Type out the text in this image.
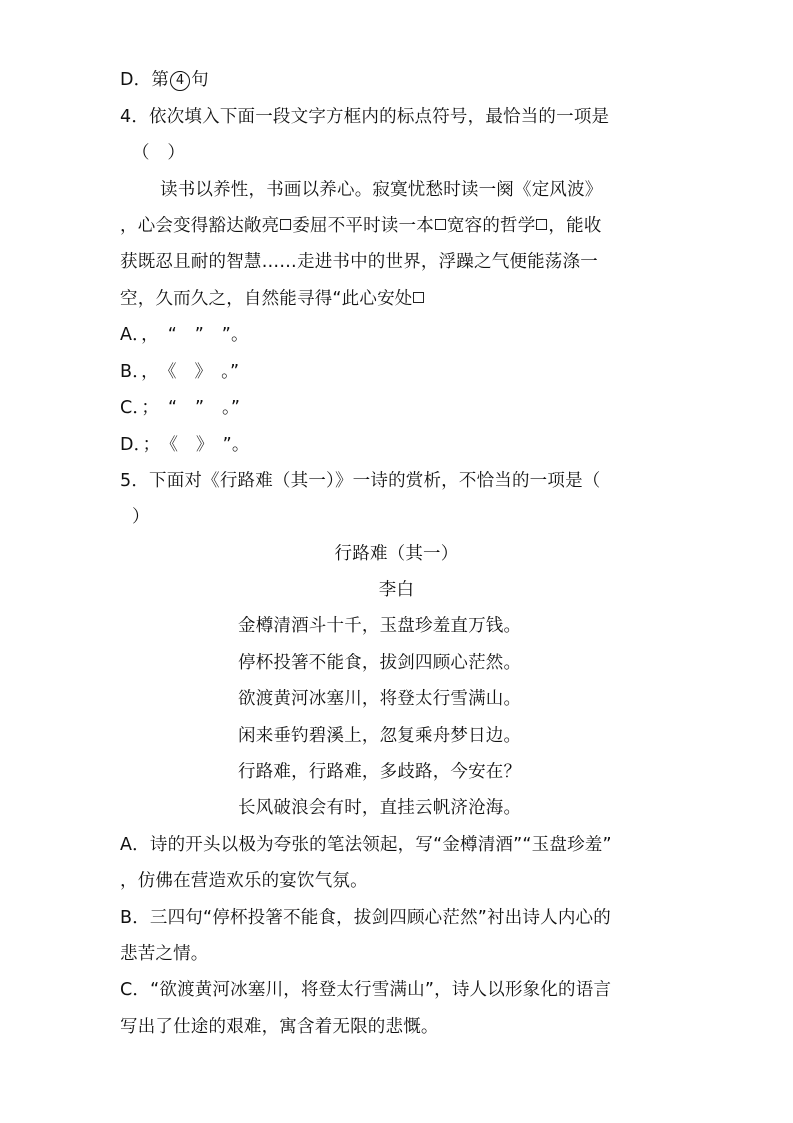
D．第 4 句
4．依次填入下面一段文字方框内的标点符号，最恰当的一项是
（　）
读书以养性，书画以养心。寂寞忧愁时读一阕《定风波》
，心会变得豁达敞亮 委屈不平时读一本 宽容的哲学 ，能收
获既忍且耐的智慧……走进书中的世界，浮躁之气便能荡涤一
空，久而久之，自然能寻得“此心安处
A．，　“　”　”。
B．，　《　》　。”
C．；　“　”　。”
D．；　《　》　”。
5．下面对《行路难（其一）》一诗的赏析，不恰当的一项是（
）
行路难（其一）
李白
金樽清酒斗十千，玉盘珍羞直万钱。
停杯投箸不能食，拔剑四顾心茫然。
欲渡黄河冰塞川，将登太行雪满山。
闲来垂钓碧溪上，忽复乘舟梦日边。
行路难，行路难，多歧路，今安在？
长风破浪会有时，直挂云帆济沧海。
A．诗的开头以极为夸张的笔法领起，写“金樽清酒”“玉盘珍羞”
，仿佛在营造欢乐的宴饮气氛。
B．三四句“停杯投箸不能食，拔剑四顾心茫然”衬出诗人内心的
悲苦之情。
C．“欲渡黄河冰塞川，将登太行雪满山”，诗人以形象化的语言
写出了仕途的艰难，寓含着无限的悲慨。
